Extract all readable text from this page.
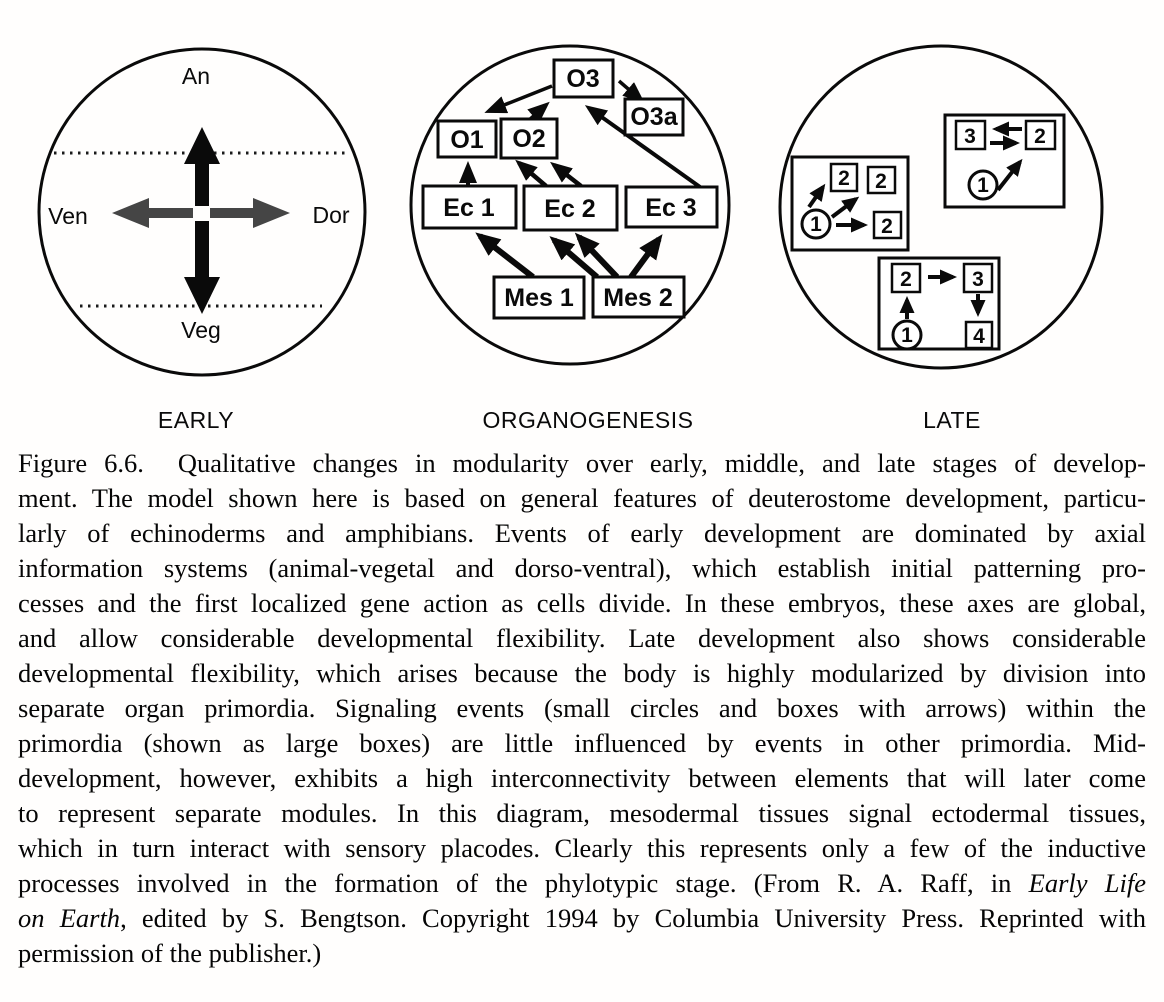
An
Ven	Dor
Veg
O3
O3a
O1 O2
Ec 1 Ec 2 Ec 3
Mes 1 Mes 2
3	2
1
2 2
2
1
2	3
4
1
EARLY	ORGANOGENESIS	LATE
Figure 6.6.  Qualitative changes in modularity over early, middle, and late stages of develop-
ment. The model shown here is based on general features of deuterostome development, particu-
larly of echinoderms and amphibians. Events of early development are dominated by axial
information systems (animal-vegetal and dorso-ventral), which establish initial patterning pro-
cesses and the first localized gene action as cells divide. In these embryos, these axes are global,
and allow considerable developmental flexibility. Late development also shows considerable
developmental flexibility, which arises because the body is highly modularized by division into
separate organ primordia. Signaling events (small circles and boxes with arrows) within the
primordia (shown as large boxes) are little influenced by events in other primordia. Mid-
development, however, exhibits a high interconnectivity between elements that will later come
to represent separate modules. In this diagram, mesodermal tissues signal ectodermal tissues,
which in turn interact with sensory placodes. Clearly this represents only a few of the inductive
processes involved in the formation of the phylotypic stage. (From R. A. Raff, in Early Life
on Earth, edited by S. Bengtson. Copyright 1994 by Columbia University Press. Reprinted with
permission of the publisher.)
